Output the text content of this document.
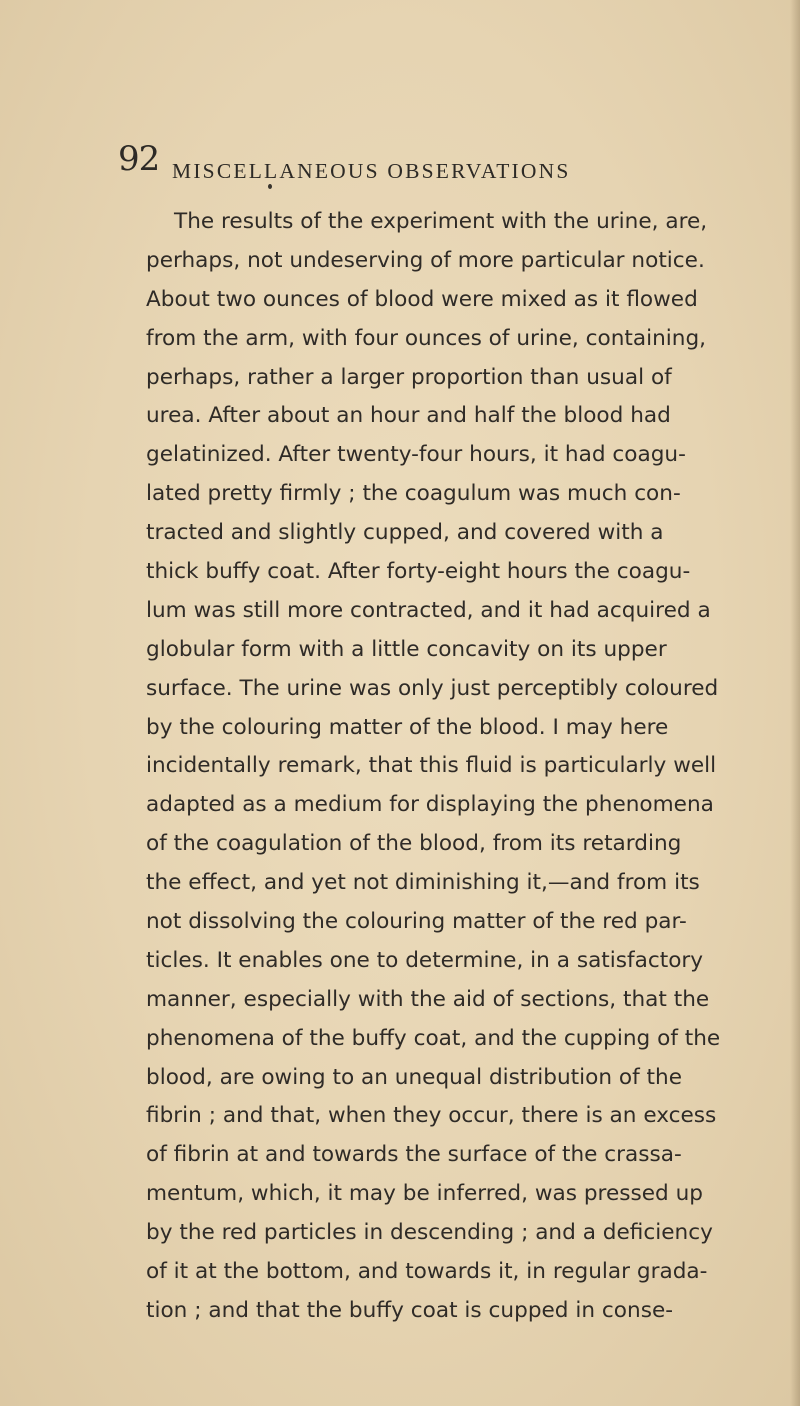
92 MISCELLANEOUS OBSERVATIONS
The results of the experiment with the urine, are,
perhaps, not undeserving of more particular notice.
About two ounces of blood were mixed as it flowed
from the arm, with four ounces of urine, containing,
perhaps, rather a larger proportion than usual of
urea. After about an hour and half the blood had
gelatinized. After twenty-four hours, it had coagu-
lated pretty firmly ; the coagulum was much con-
tracted and slightly cupped, and covered with a
thick buffy coat. After forty-eight hours the coagu-
lum was still more contracted, and it had acquired a
globular form with a little concavity on its upper
surface. The urine was only just perceptibly coloured
by the colouring matter of the blood. I may here
incidentally remark, that this fluid is particularly well
adapted as a medium for displaying the phenomena
of the coagulation of the blood, from its retarding
the effect, and yet not diminishing it,—and from its
not dissolving the colouring matter of the red par-
ticles. It enables one to determine, in a satisfactory
manner, especially with the aid of sections, that the
phenomena of the buffy coat, and the cupping of the
blood, are owing to an unequal distribution of the
fibrin ; and that, when they occur, there is an excess
of fibrin at and towards the surface of the crassa-
mentum, which, it may be inferred, was pressed up
by the red particles in descending ; and a deficiency
of it at the bottom, and towards it, in regular grada-
tion ; and that the buffy coat is cupped in conse-
